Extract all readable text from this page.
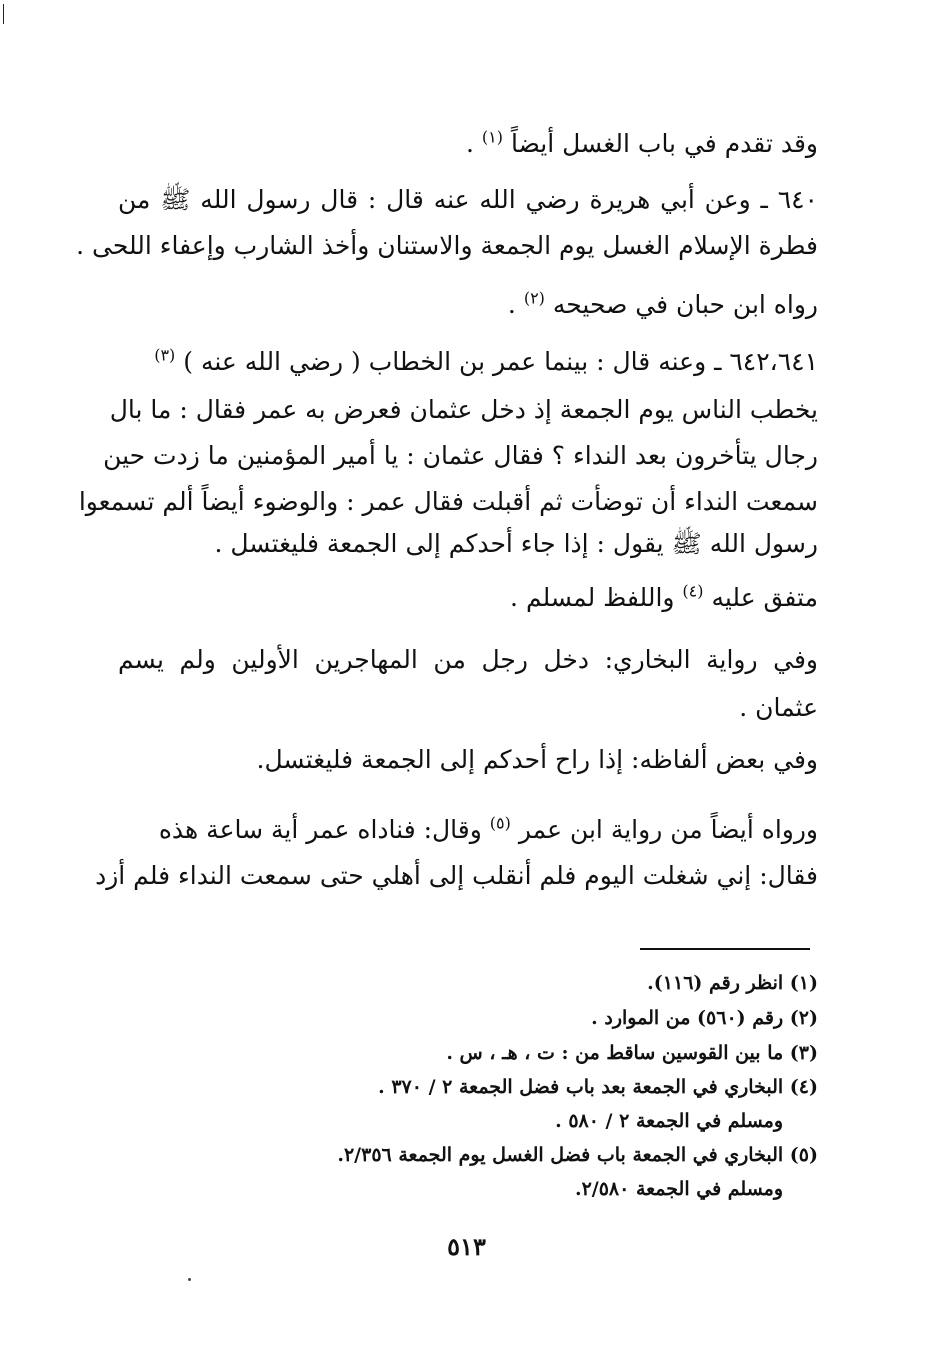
وقد تقدم في باب الغسل أيضاً $^{(١)}$ .
٦٤٠ ـ وعن أبي هريرة رضي الله عنه قال : قال رسول الله ﷺ من
فطرة الإسلام الغسل يوم الجمعة والاستنان وأخذ الشارب وإعفاء اللحى .
رواه ابن حبان في صحيحه $^{(٢)}$ .
٦٤٢،٦٤١ ـ وعنه قال : بينما عمر بن الخطاب ( رضي الله عنه ) $^{(٣)}$
يخطب الناس يوم الجمعة إذ دخل عثمان فعرض به عمر فقال : ما بال
رجال يتأخرون بعد النداء ؟ فقال عثمان : يا أمير المؤمنين ما زدت حين
سمعت النداء أن توضأت ثم أقبلت فقال عمر : والوضوء أيضاً ألم تسمعوا
رسول الله ﷺ يقول : إذا جاء أحدكم إلى الجمعة فليغتسل .
متفق عليه $^{(٤)}$ واللفظ لمسلم .
وفي رواية البخاري: دخل رجل من المهاجرين الأولين ولم يسم
عثمان .
وفي بعض ألفاظه: إذا راح أحدكم إلى الجمعة فليغتسل.
ورواه أيضاً من رواية ابن عمر $^{(٥)}$ وقال: فناداه عمر أية ساعة هذه
فقال: إني شغلت اليوم فلم أنقلب إلى أهلي حتى سمعت النداء فلم أزد
(١) انظر رقم (١١٦).
(٢) رقم (٥٦٠) من الموارد .
(٣) ما بين القوسين ساقط من : ت ، هـ ، س .
(٤) البخاري في الجمعة بعد باب فضل الجمعة ٢ / ٣٧٠ .
ومسلم في الجمعة ٢ / ٥٨٠ .
(٥) البخاري في الجمعة باب فضل الغسل يوم الجمعة ٢/٣٥٦.
ومسلم في الجمعة ٢/٥٨٠.
٥١٣
